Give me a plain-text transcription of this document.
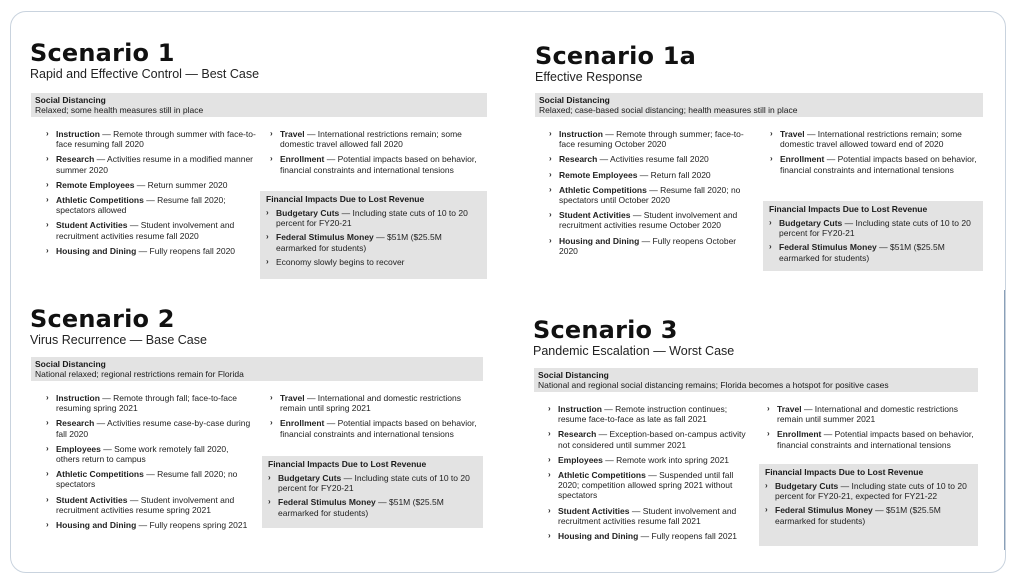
Scenario 1
Rapid and Effective Control — Best Case
Social Distancing
Relaxed; some health measures still in place
› Instruction — Remote through summer with face-to-face resuming fall 2020
› Research — Activities resume in a modified manner summer 2020
› Remote Employees — Return summer 2020
› Athletic Competitions — Resume fall 2020; spectators allowed
› Student Activities — Student involvement and recruitment activities resume fall 2020
› Housing and Dining — Fully reopens fall 2020
› Travel — International restrictions remain; some domestic travel allowed fall 2020
› Enrollment — Potential impacts based on behavior, financial constraints and international tensions
Financial Impacts Due to Lost Revenue
› Budgetary Cuts — Including state cuts of 10 to 20 percent for FY20-21
› Federal Stimulus Money — $51M ($25.5M earmarked for students)
› Economy slowly begins to recover
Scenario 1a
Effective Response
Social Distancing
Relaxed; case-based social distancing; health measures still in place
› Instruction — Remote through summer; face-to-face resuming October 2020
› Research — Activities resume fall 2020
› Remote Employees — Return fall 2020
› Athletic Competitions — Resume fall 2020; no spectators until October 2020
› Student Activities — Student involvement and recruitment activities resume October 2020
› Housing and Dining — Fully reopens October 2020
› Travel — International restrictions remain; some domestic travel allowed toward end of 2020
› Enrollment — Potential impacts based on behavior, financial constraints and international tensions
Financial Impacts Due to Lost Revenue
› Budgetary Cuts — Including state cuts of 10 to 20 percent for FY20-21
› Federal Stimulus Money — $51M ($25.5M earmarked for students)
Scenario 2
Virus Recurrence — Base Case
Social Distancing
National relaxed; regional restrictions remain for Florida
› Instruction — Remote through fall; face-to-face resuming spring 2021
› Research — Activities resume case-by-case during fall 2020
› Employees — Some work remotely fall 2020, others return to campus
› Athletic Competitions — Resume fall 2020; no spectators
› Student Activities — Student involvement and recruitment activities resume spring 2021
› Housing and Dining — Fully reopens spring 2021
› Travel — International and domestic restrictions remain until spring 2021
› Enrollment — Potential impacts based on behavior, financial constraints and international tensions
Financial Impacts Due to Lost Revenue
› Budgetary Cuts — Including state cuts of 10 to 20 percent for FY20-21
› Federal Stimulus Money — $51M ($25.5M earmarked for students)
Scenario 3
Pandemic Escalation — Worst Case
Social Distancing
National and regional social distancing remains; Florida becomes a hotspot for positive cases
› Instruction — Remote instruction continues; resume face-to-face as late as fall 2021
› Research — Exception-based on-campus activity not considered until summer 2021
› Employees — Remote work into spring 2021
› Athletic Competitions — Suspended until fall 2020; competition allowed spring 2021 without spectators
› Student Activities — Student involvement and recruitment activities resume fall 2021
› Housing and Dining — Fully reopens fall 2021
› Travel — International and domestic restrictions remain until summer 2021
› Enrollment — Potential impacts based on behavior, financial constraints and international tensions
Financial Impacts Due to Lost Revenue
› Budgetary Cuts — Including state cuts of 10 to 20 percent for FY20-21, expected for FY21-22
› Federal Stimulus Money — $51M ($25.5M earmarked for students)
